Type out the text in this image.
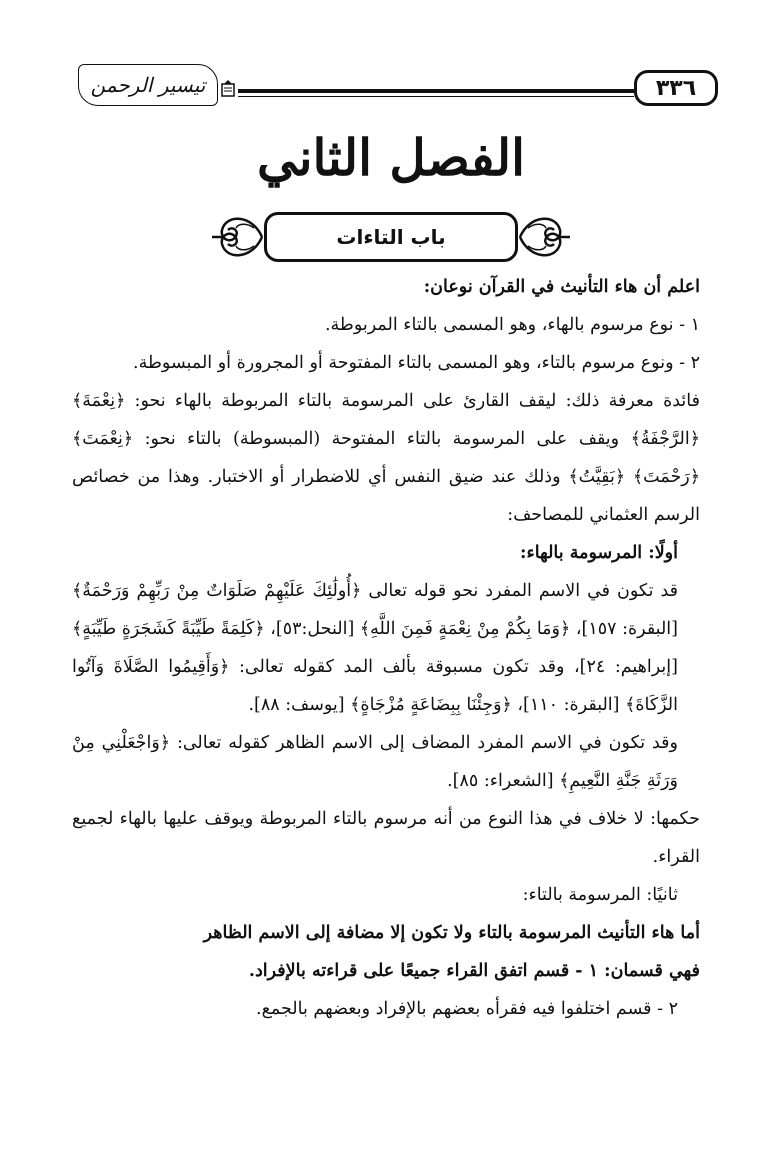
٣٣٦
تيسير الرحمن
الفصل الثاني
باب التاءات

اعلم أن هاء التأنيث في القرآن نوعان:

١ - نوع مرسوم بالهاء، وهو المسمى بالتاء المربوطة.

٢ - ونوع مرسوم بالتاء، وهو المسمى بالتاء المفتوحة أو المجرورة أو المبسوطة.

فائدة معرفة ذلك: ليقف القارئ على المرسومة بالتاء المربوطة بالهاء نحو: ﴿نِعْمَةَ﴾ ﴿الرَّجْفَةُ﴾ ويقف على المرسومة بالتاء المفتوحة (المبسوطة) بالتاء نحو: ﴿نِعْمَتَ﴾ ﴿رَحْمَتَ﴾ ﴿بَقِيَّتُ﴾ وذلك عند ضيق النفس أي للاضطرار أو الاختبار. وهذا من خصائص الرسم العثماني للمصاحف:

أولًا: المرسومة بالهاء:

قد تكون في الاسم المفرد نحو قوله تعالى ﴿أُولَٰئِكَ عَلَيْهِمْ صَلَوَاتٌ مِنْ رَبِّهِمْ وَرَحْمَةٌ﴾ [البقرة: ١٥٧]، ﴿وَمَا بِكُمْ مِنْ نِعْمَةٍ فَمِنَ اللَّهِ﴾ [النحل:٥٣]، ﴿كَلِمَةً طَيِّبَةً كَشَجَرَةٍ طَيِّبَةٍ﴾ [إبراهيم: ٢٤]، وقد تكون مسبوقة بألف المد كقوله تعالى: ﴿وَأَقِيمُوا الصَّلَاةَ وَآتُوا الزَّكَاةَ﴾ [البقرة: ١١٠]، ﴿وَجِئْنَا بِبِضَاعَةٍ مُزْجَاةٍ﴾ [يوسف: ٨٨].

وقد تكون في الاسم المفرد المضاف إلى الاسم الظاهر كقوله تعالى: ﴿وَاجْعَلْنِي مِنْ وَرَثَةِ جَنَّةِ النَّعِيمِ﴾ [الشعراء: ٨٥].

حكمها: لا خلاف في هذا النوع من أنه مرسوم بالتاء المربوطة ويوقف عليها بالهاء لجميع القراء.

ثانيًا: المرسومة بالتاء:

أما هاء التأنيث المرسومة بالتاء ولا تكون إلا مضافة إلى الاسم الظاهر

فهي قسمان: ١ - قسم اتفق القراء جميعًا على قراءته بالإفراد.

٢ - قسم اختلفوا فيه فقرأه بعضهم بالإفراد وبعضهم بالجمع.
